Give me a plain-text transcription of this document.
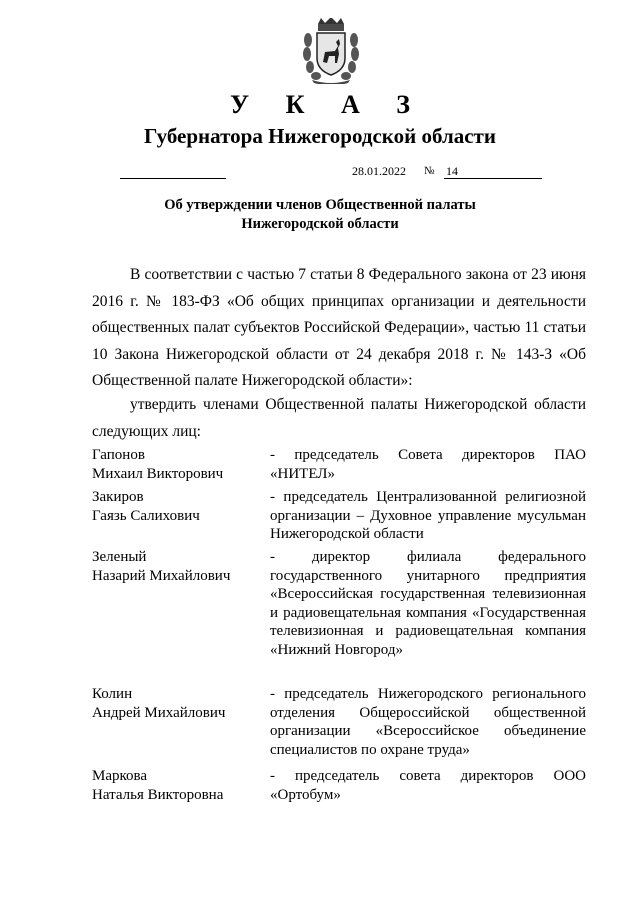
У К А З
Губернатора Нижегородской области
28.01.2022 № 14
Об утверждении членов Общественной палаты
Нижегородской области
В соответствии с частью 7 статьи 8 Федерального закона от 23 июня 2016 г. № 183-ФЗ «Об общих принципах организации и деятельности общественных палат субъектов Российской Федерации», частью 11 статьи 10 Закона Нижегородской области от 24 декабря 2018 г. № 143-З «Об Общественной палате Нижегородской области»:
утвердить членами Общественной палаты Нижегородской области следующих лиц:
Гапонов
Михаил Викторович
- председатель Совета директоров ПАО «НИТЕЛ»
Закиров
Гаязь Салихович
- председатель Централизованной религиозной организации – Духовное управление мусульман Нижегородской области
Зеленый
Назарий Михайлович
- директор филиала федерального государственного унитарного предприятия «Всероссийская государственная телевизионная и радиовещательная компания «Государственная телевизионная и радиовещательная компания «Нижний Новгород»
Колин
Андрей Михайлович
- председатель Нижегородского регионального отделения Общероссийской общественной организации «Всероссийское объединение специалистов по охране труда»
Маркова
Наталья Викторовна
- председатель совета директоров ООО «Ортобум»
